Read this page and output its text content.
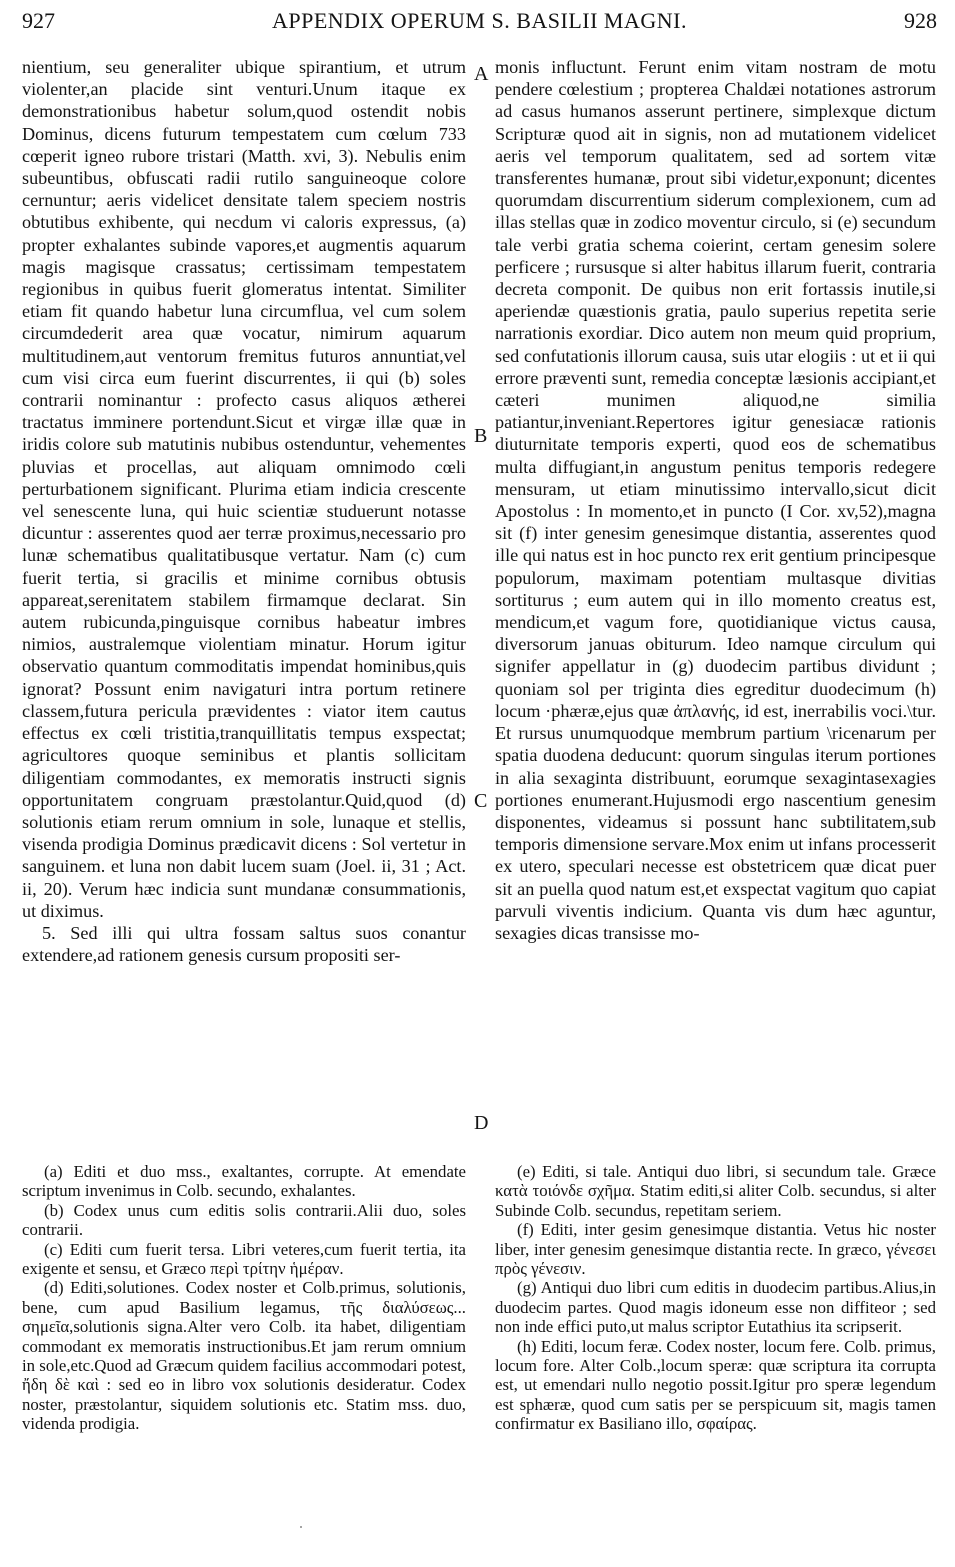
927	APPENDIX OPERUM S. BASILII MAGNI.	928

nientium, seu generaliter ubique spirantium, et utrum violenter,an placide sint venturi.Unum itaque ex demonstrationibus habetur solum,quod ostendit nobis Dominus, dicens futurum tempestatem cum cœlum 733 cœperit igneo rubore tristari (Matth. xvi, 3). Nebulis enim subeuntibus, obfuscati radii rutilo sanguineoque colore cernuntur; aeris videlicet densitate talem speciem nostris obtutibus exhibente, qui necdum vi caloris expressus, (a) propter exhalantes subinde vapores,et augmentis aquarum magis magisque crassatus; certissimam tempestatem regionibus in quibus fuerit glomeratus intentat. Similiter etiam fit quando habetur luna circumflua, vel cum solem circumdederit area quæ vocatur, nimirum aquarum multitudinem,aut ventorum fremitus futuros annuntiat,vel cum visi circa eum fuerint discurrentes, ii qui (b) soles contrarii nominantur : profecto casus aliquos ætherei tractatus imminere portendunt.Sicut et virgæ illæ quæ in iridis colore sub matutinis nubibus ostenduntur, vehementes pluvias et procellas, aut aliquam omnimodo cœli perturbationem significant. Plurima etiam indicia crescente vel senescente luna, qui huic scientiæ studuerunt notasse dicuntur : asserentes quod aer terræ proximus,necessario pro lunæ schematibus qualitatibusque vertatur. Nam (c) cum fuerit tertia, si gracilis et minime cornibus obtusis appareat,serenitatem stabilem firmamque declarat. Sin autem rubicunda,pinguisque cornibus habeatur imbres nimios, australemque violentiam minatur. Horum igitur observatio quantum commoditatis impendat hominibus,quis ignorat? Possunt enim navigaturi intra portum retinere classem,futura pericula prævidentes : viator item cautus effectus ex cœli tristitia,tranquillitatis tempus exspectat; agricultores quoque seminibus et plantis sollicitam diligentiam commodantes, ex memoratis instructi signis opportunitatem congruam præstolantur.Quid,quod (d) solutionis etiam rerum omnium in sole, lunaque et stellis, visenda prodigia Dominus prædicavit dicens : Sol vertetur in sanguinem. et luna non dabit lucem suam (Joel. ii, 31 ; Act. ii, 20). Verum hæc indicia sunt mundanæ consummationis, ut diximus.

5. Sed illi qui ultra fossam saltus suos conantur extendere,ad rationem genesis cursum propositi ser-

A
B
C
D

monis influctunt. Ferunt enim vitam nostram de motu pendere cœlestium ; propterea Chaldæi notationes astrorum ad casus humanos asserunt pertinere, simplexque dictum Scripturæ quod ait in signis, non ad mutationem videlicet aeris vel temporum qualitatem, sed ad sortem vitæ transferentes humanæ, prout sibi videtur,exponunt; dicentes quorumdam discurrentium siderum complexionem, cum ad illas stellas quæ in zodico moventur circulo, si (e) secundum tale verbi gratia schema coierint, certam genesim solere perficere ; rursusque si alter habitus illarum fuerit, contraria decreta componit. De quibus non erit fortassis inutile,si aperiendæ quæstionis gratia, paulo superius repetita serie narrationis exordiar. Dico autem non meum quid proprium, sed confutationis illorum causa, suis utar elogiis : ut et ii qui errore præventi sunt, remedia conceptæ læsionis accipiant,et cæteri munimen aliquod,ne similia patiantur,inveniant.Repertores igitur genesiacæ rationis diuturnitate temporis experti, quod eos de schematibus multa diffugiant,in angustum penitus temporis redegere mensuram, ut etiam minutissimo intervallo,sicut dicit Apostolus : In momento,et in puncto (I Cor. xv,52),magna sit (f) inter genesim genesimque distantia, asserentes quod ille qui natus est in hoc puncto rex erit gentium principesque populorum, maximam potentiam multasque divitias sortiturus ; eum autem qui in illo momento creatus est, mendicum,et vagum fore, quotidianique victus causa, diversorum januas obiturum. Ideo namque circulum qui signifer appellatur in (g) duodecim partibus dividunt ; quoniam sol per triginta dies egreditur duodecimum (h) locum ·phæræ,ejus quæ ἀπλανής, id est, inerrabilis voci.\tur. Et rursus unumquodque membrum partium \ricenarum per spatia duodena deducunt: quorum singulas iterum portiones in alia sexaginta distribuunt, eorumque sexagintasexagies portiones enumerant.Hujusmodi ergo nascentium genesim disponentes, videamus si possunt hanc subtilitatem,sub temporis dimensione servare.Mox enim ut infans processerit ex utero, speculari necesse est obstetricem quæ dicat puer sit an puella quod natum est,et exspectat vagitum quo capiat parvuli viventis indicium. Quanta vis dum hæc aguntur, sexagies dicas transisse mo-

(a) Editi et duo mss., exaltantes, corrupte. At emendate scriptum invenimus in Colb. secundo, exhalantes.

(b) Codex unus cum editis solis contrarii.Alii duo, soles contrarii.

(c) Editi cum fuerit tersa. Libri veteres,cum fuerit tertia, ita exigente et sensu, et Græco περὶ τρίτην ἡμέραν.

(d) Editi,solutiones. Codex noster et Colb.primus, solutionis, bene, cum apud Basilium legamus, τῆς διαλύσεως... σημεῖα,solutionis signa.Alter vero Colb. ita habet, diligentiam commodant ex memoratis instructionibus.Et jam rerum omnium in sole,etc.Quod ad Græcum quidem facilius accommodari potest, ἤδη δὲ καὶ : sed eo in libro vox solutionis desideratur. Codex noster, præstolantur, siquidem solutionis etc. Statim mss. duo, videnda prodigia.

(e) Editi, si tale. Antiqui duo libri, si secundum tale. Græce κατὰ τοιόνδε σχῆμα. Statim editi,si aliter Colb. secundus, si alter Subinde Colb. secundus, repetitam seriem.

(f) Editi, inter gesim genesimque distantia. Vetus hic noster liber, inter genesim genesimque distantia recte. In græco, γένεσει πρὸς γένεσιν.

(g) Antiqui duo libri cum editis in duodecim partibus.Alius,in duodecim partes. Quod magis idoneum esse non diffiteor ; sed non inde effici puto,ut malus scriptor Eutathius ita scripserit.

(h) Editi, locum feræ. Codex noster, locum fere. Colb. primus, locum fore. Alter Colb.,locum speræ: quæ scriptura ita corrupta est, ut emendari nullo negotio possit.Igitur pro speræ legendum est sphæræ, quod cum satis per se perspicuum sit, magis tamen confirmatur ex Basiliano illo, σφαίρας.
